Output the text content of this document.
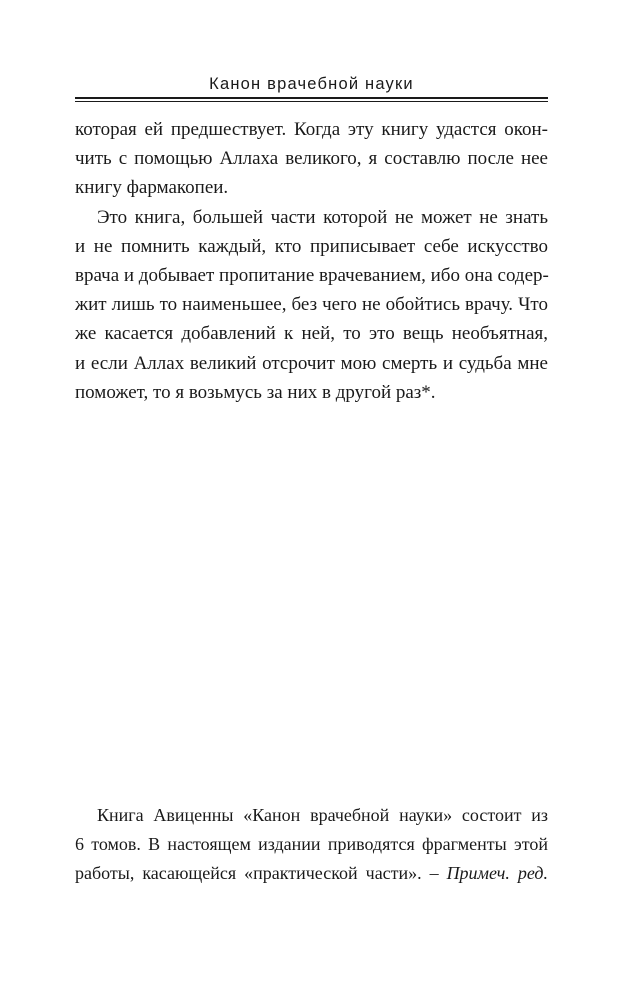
Канон врачебной науки
которая ей предшествует. Когда эту книгу удастся окон-
чить с помощью Аллаха великого, я составлю после нее
книгу фармакопеи.
Это книга, большей части которой не может не знать
и не помнить каждый, кто приписывает себе искусство
врача и добывает пропитание врачеванием, ибо она содер-
жит лишь то наименьшее, без чего не обойтись врачу. Что
же касается добавлений к ней, то это вещь необъятная,
и если Аллах великий отсрочит мою смерть и судьба мне
поможет, то я возьмусь за них в другой раз*.
Книга Авиценны «Канон врачебной науки» состоит из
6 томов. В настоящем издании приводятся фрагменты этой
работы, касающейся «практической части». – Примеч. ред.
